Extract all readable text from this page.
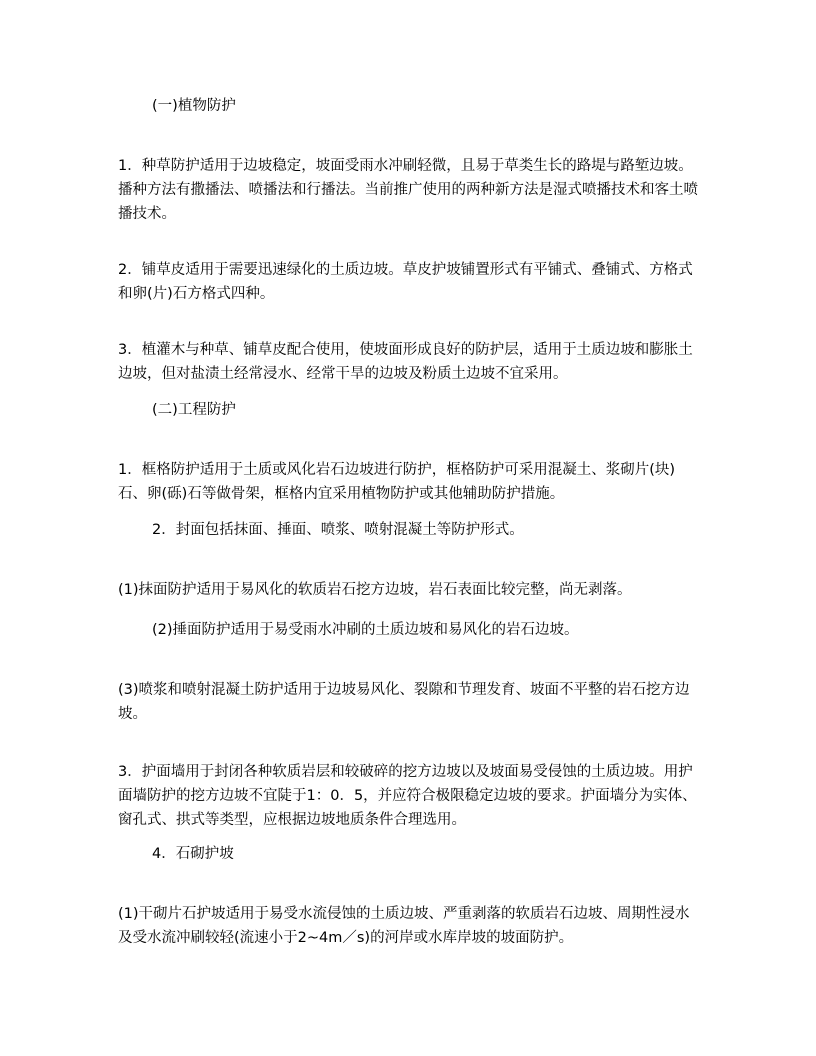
(一)植物防护

1．种草防护适用于边坡稳定，坡面受雨水冲刷轻微，且易于草类生长的路堤与路堑边坡。播种方法有撒播法、喷播法和行播法。当前推广使用的两种新方法是湿式喷播技术和客土喷播技术。

2．铺草皮适用于需要迅速绿化的土质边坡。草皮护坡铺置形式有平铺式、叠铺式、方格式和卵(片)石方格式四种。

3．植灌木与种草、铺草皮配合使用，使坡面形成良好的防护层，适用于土质边坡和膨胀土边坡，但对盐渍土经常浸水、经常干旱的边坡及粉质土边坡不宜采用。

(二)工程防护

1．框格防护适用于土质或风化岩石边坡进行防护，框格防护可采用混凝土、浆砌片(块)石、卵(砾)石等做骨架，框格内宜采用植物防护或其他辅助防护措施。

2．封面包括抹面、捶面、喷浆、喷射混凝土等防护形式。

(1)抹面防护适用于易风化的软质岩石挖方边坡，岩石表面比较完整，尚无剥落。

(2)捶面防护适用于易受雨水冲刷的土质边坡和易风化的岩石边坡。

(3)喷浆和喷射混凝土防护适用于边坡易风化、裂隙和节理发育、坡面不平整的岩石挖方边坡。

3．护面墙用于封闭各种软质岩层和较破碎的挖方边坡以及坡面易受侵蚀的土质边坡。用护面墙防护的挖方边坡不宜陡于1：0．5，并应符合极限稳定边坡的要求。护面墙分为实体、窗孔式、拱式等类型，应根据边坡地质条件合理选用。

4．石砌护坡

(1)干砌片石护坡适用于易受水流侵蚀的土质边坡、严重剥落的软质岩石边坡、周期性浸水及受水流冲刷较轻(流速小于2~4m／s)的河岸或水库岸坡的坡面防护。
